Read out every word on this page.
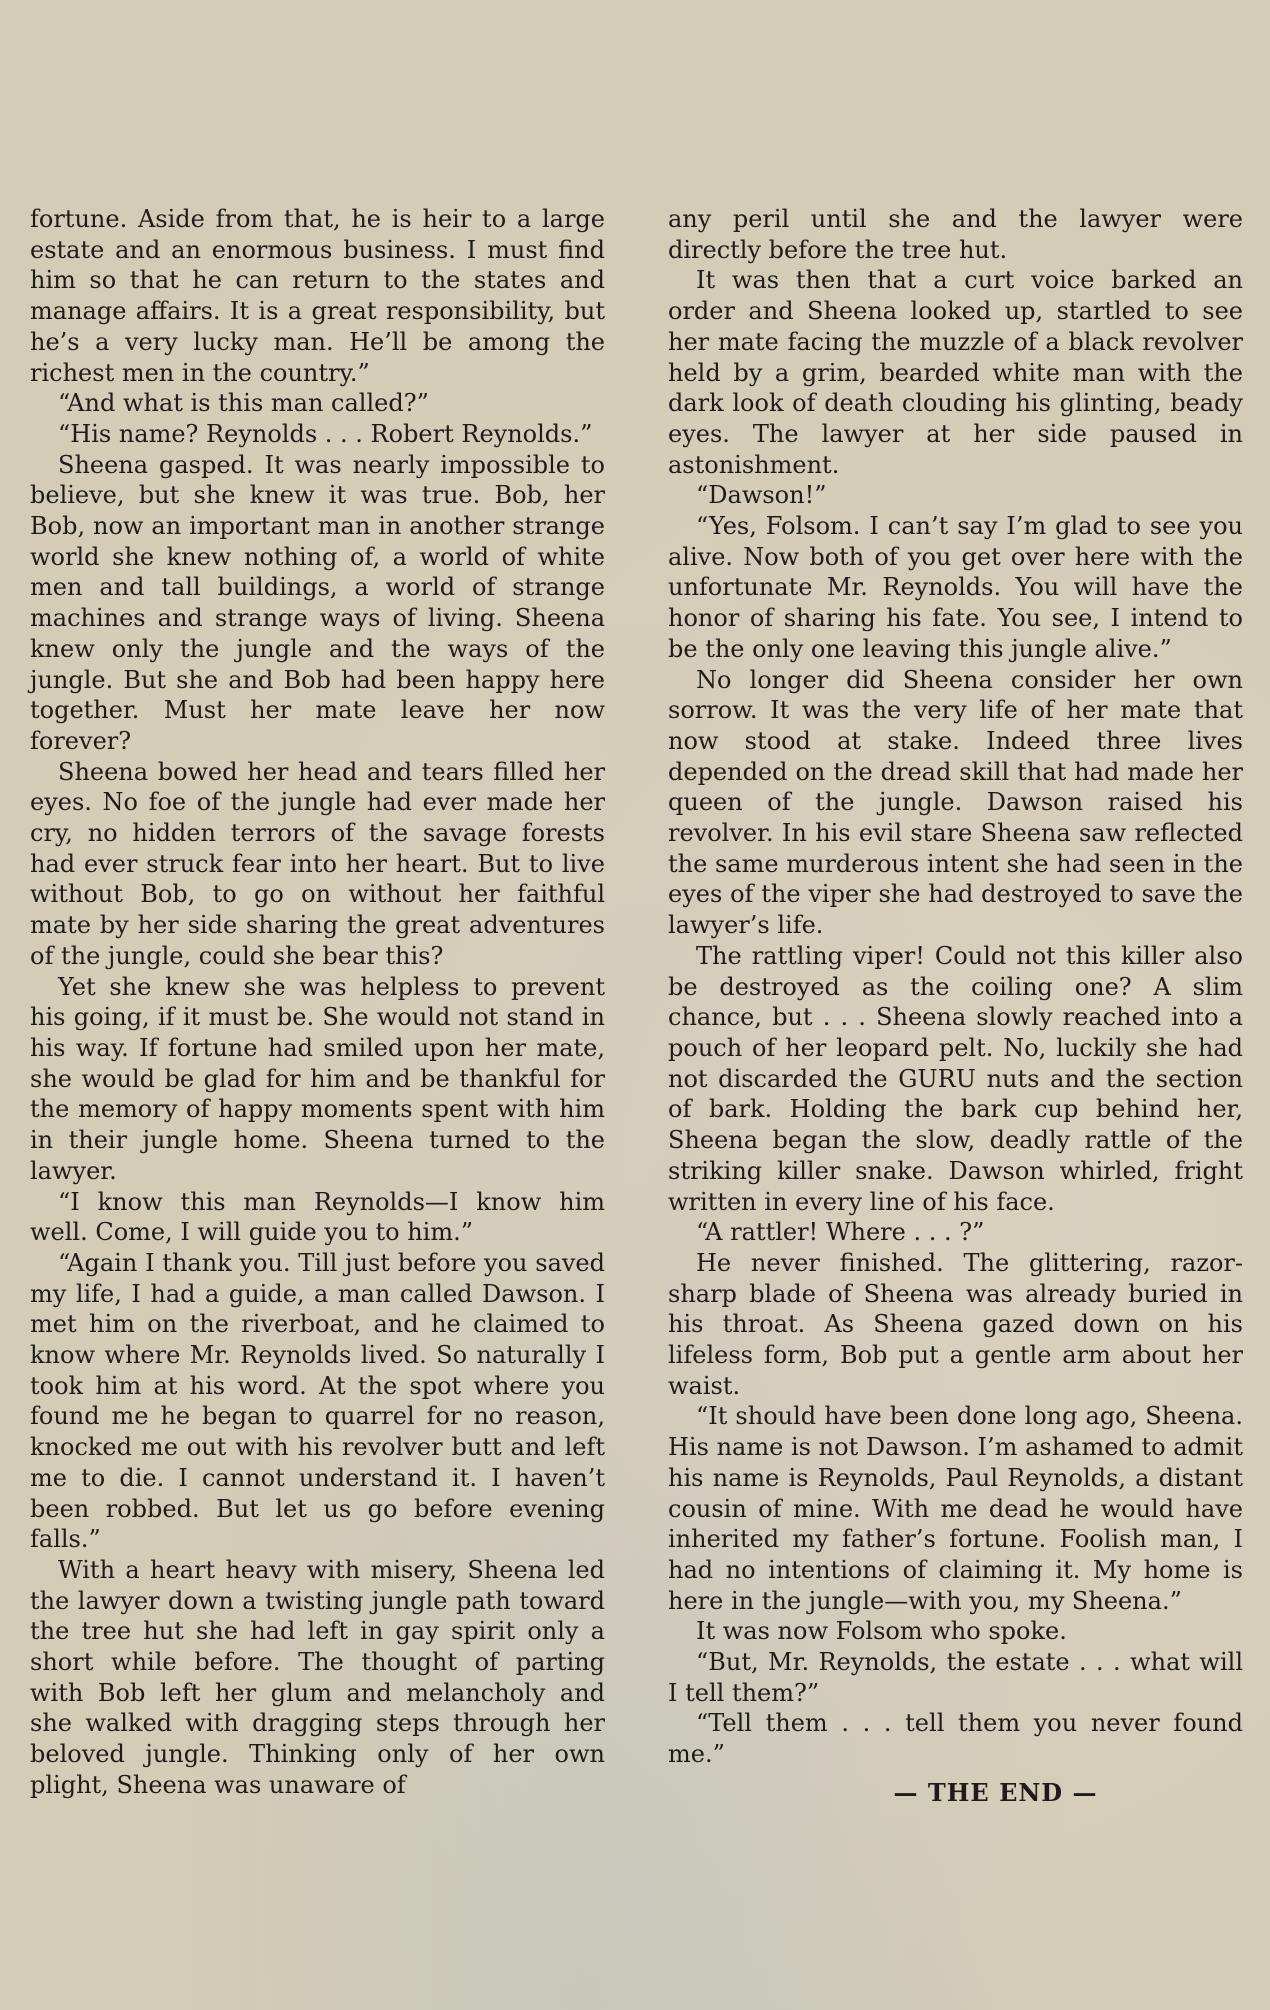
fortune. Aside from that, he is heir to a large estate and an enormous business. I must find him so that he can return to the states and manage affairs. It is a great responsibility, but he’s a very lucky man. He’ll be among the richest men in the country.”

“And what is this man called?”

“His name? Reynolds . . . Robert Reynolds.”

Sheena gasped. It was nearly impossible to believe, but she knew it was true. Bob, her Bob, now an important man in another strange world she knew nothing of, a world of white men and tall buildings, a world of strange machines and strange ways of living. Sheena knew only the jungle and the ways of the jungle. But she and Bob had been happy here together. Must her mate leave her now forever?

Sheena bowed her head and tears filled her eyes. No foe of the jungle had ever made her cry, no hidden terrors of the savage forests had ever struck fear into her heart. But to live without Bob, to go on without her faithful mate by her side sharing the great adventures of the jungle, could she bear this?

Yet she knew she was helpless to prevent his going, if it must be. She would not stand in his way. If fortune had smiled upon her mate, she would be glad for him and be thankful for the memory of happy moments spent with him in their jungle home. Sheena turned to the lawyer.

“I know this man Reynolds—I know him well. Come, I will guide you to him.”

“Again I thank you. Till just before you saved my life, I had a guide, a man called Dawson. I met him on the riverboat, and he claimed to know where Mr. Reynolds lived. So naturally I took him at his word. At the spot where you found me he began to quarrel for no reason, knocked me out with his revolver butt and left me to die. I cannot understand it. I haven’t been robbed. But let us go before evening falls.”

With a heart heavy with misery, Sheena led the lawyer down a twisting jungle path toward the tree hut she had left in gay spirit only a short while before. The thought of parting with Bob left her glum and melancholy and she walked with dragging steps through her beloved jungle. Thinking only of her own plight, Sheena was unaware of

any peril until she and the lawyer were directly before the tree hut.

It was then that a curt voice barked an order and Sheena looked up, startled to see her mate facing the muzzle of a black revolver held by a grim, bearded white man with the dark look of death clouding his glinting, beady eyes. The lawyer at her side paused in astonishment.

“Dawson!”

“Yes, Folsom. I can’t say I’m glad to see you alive. Now both of you get over here with the unfortunate Mr. Reynolds. You will have the honor of sharing his fate. You see, I intend to be the only one leaving this jungle alive.”

No longer did Sheena consider her own sorrow. It was the very life of her mate that now stood at stake. Indeed three lives depended on the dread skill that had made her queen of the jungle. Dawson raised his revolver. In his evil stare Sheena saw reflected the same murderous intent she had seen in the eyes of the viper she had destroyed to save the lawyer’s life.

The rattling viper! Could not this killer also be destroyed as the coiling one? A slim chance, but . . . Sheena slowly reached into a pouch of her leopard pelt. No, luckily she had not discarded the GURU nuts and the section of bark. Holding the bark cup behind her, Sheena began the slow, deadly rattle of the striking killer snake. Dawson whirled, fright written in every line of his face.

“A rattler! Where . . . ?”

He never finished. The glittering, razor-sharp blade of Sheena was already buried in his throat. As Sheena gazed down on his lifeless form, Bob put a gentle arm about her waist.

“It should have been done long ago, Sheena. His name is not Dawson. I’m ashamed to admit his name is Reynolds, Paul Reynolds, a distant cousin of mine. With me dead he would have inherited my father’s fortune. Foolish man, I had no intentions of claiming it. My home is here in the jungle—with you, my Sheena.”

It was now Folsom who spoke.

“But, Mr. Reynolds, the estate . . . what will I tell them?”

“Tell them . . . tell them you never found me.”

— THE END —
